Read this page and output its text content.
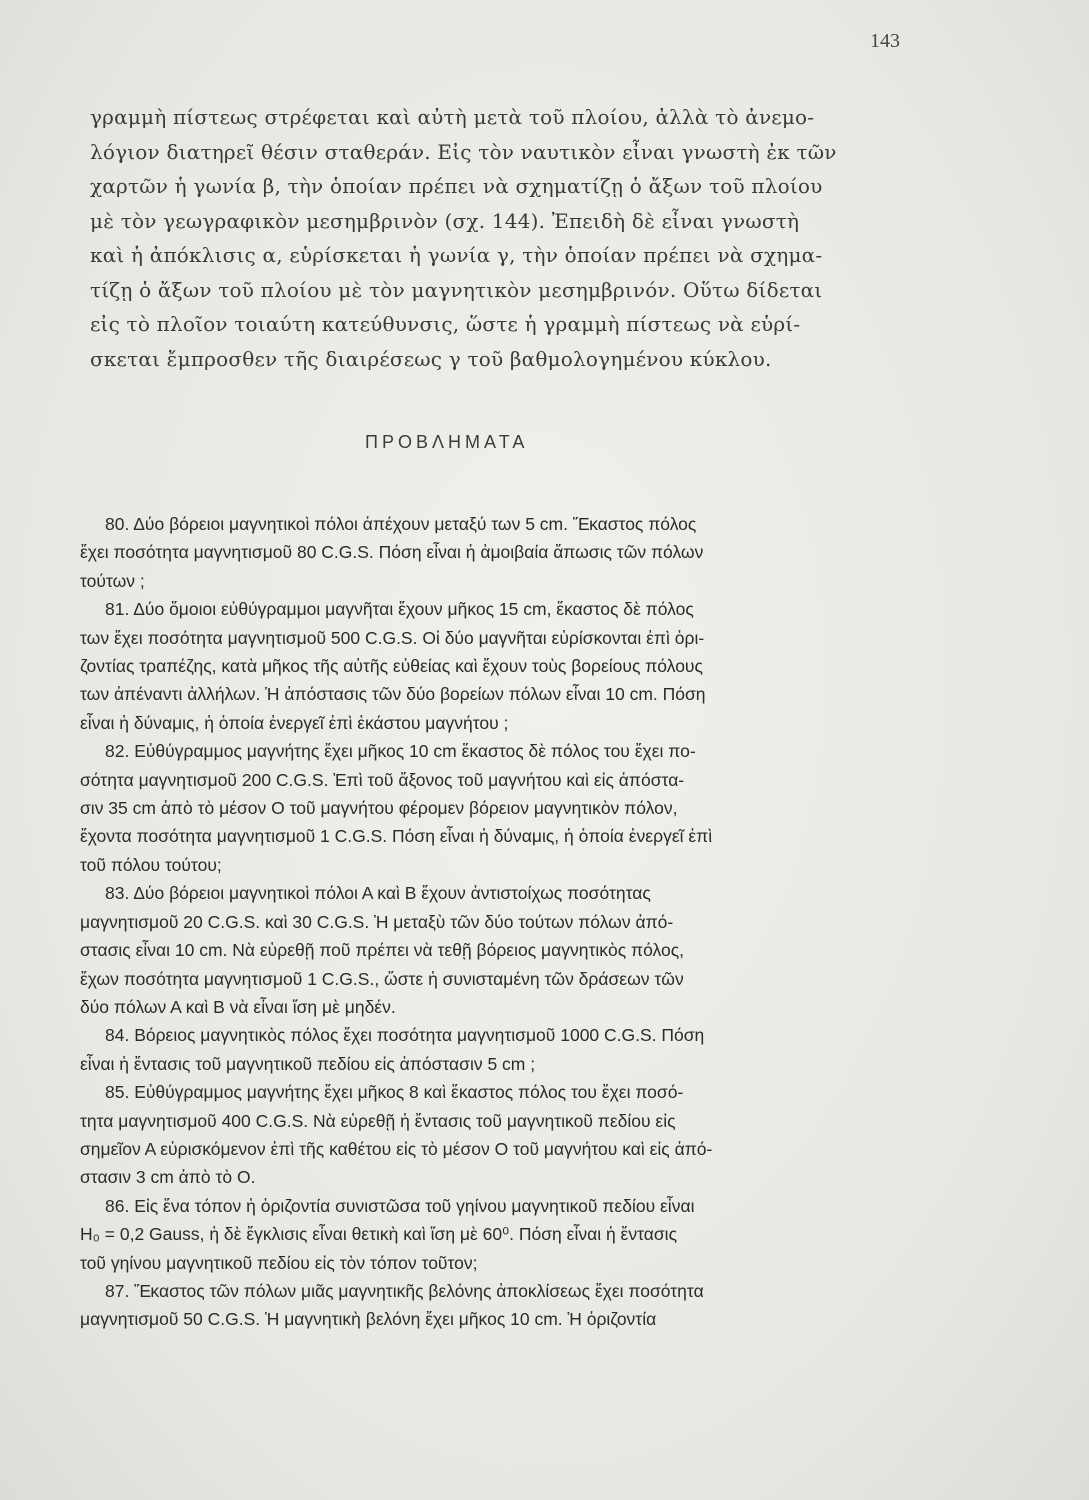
143
γραμμὴ πίστεως στρέφεται καὶ αὐτὴ μετὰ τοῦ πλοίου, ἀλλὰ τὸ ἀνεμο-
λόγιον διατηρεῖ θέσιν σταθεράν. Εἰς τὸν ναυτικὸν εἶναι γνωστὴ ἐκ τῶν
χαρτῶν ἡ γωνία β, τὴν ὁποίαν πρέπει νὰ σχηματίζῃ ὁ ἄξων τοῦ πλοίου
μὲ τὸν γεωγραφικὸν μεσημβρινὸν (σχ. 144). Ἐπειδὴ δὲ εἶναι γνωστὴ
καὶ ἡ ἀπόκλισις α, εὑρίσκεται ἡ γωνία γ, τὴν ὁποίαν πρέπει νὰ σχημα-
τίζῃ ὁ ἄξων τοῦ πλοίου μὲ τὸν μαγνητικὸν μεσημβρινόν. Οὕτω δίδεται
εἰς τὸ πλοῖον τοιαύτη κατεύθυνσις, ὥστε ἡ γραμμὴ πίστεως νὰ εὑρί-
σκεται ἔμπροσθεν τῆς διαιρέσεως γ τοῦ βαθμολογημένου κύκλου.
ΠΡΟΒΛΗΜΑΤΑ
80. Δύο βόρειοι μαγνητικοὶ πόλοι ἀπέχουν μεταξύ των 5 cm. Ἕκαστος πόλος
ἔχει ποσότητα μαγνητισμοῦ 80 C.G.S. Πόση εἶναι ἡ ἀμοιβαία ἄπωσις τῶν πόλων
τούτων ;
81. Δύο ὅμοιοι εὐθύγραμμοι μαγνῆται ἔχουν μῆκος 15 cm, ἕκαστος δὲ πόλος
των ἔχει ποσότητα μαγνητισμοῦ 500 C.G.S. Οἱ δύο μαγνῆται εὑρίσκονται ἐπὶ ὁρι-
ζοντίας τραπέζης, κατὰ μῆκος τῆς αὐτῆς εὐθείας καὶ ἔχουν τοὺς βορείους πόλους
των ἀπέναντι ἀλλήλων. Ἡ ἀπόστασις τῶν δύο βορείων πόλων εἶναι 10 cm. Πόση
εἶναι ἡ δύναμις, ἡ ὁποία ἐνεργεῖ ἐπὶ ἑκάστου μαγνήτου ;
82. Εὐθύγραμμος μαγνήτης ἔχει μῆκος 10 cm ἕκαστος δὲ πόλος του ἔχει πο-
σότητα μαγνητισμοῦ 200 C.G.S. Ἐπὶ τοῦ ἄξονος τοῦ μαγνήτου καὶ εἰς ἀπόστα-
σιν 35 cm ἀπὸ τὸ μέσον Ο τοῦ μαγνήτου φέρομεν βόρειον μαγνητικὸν πόλον,
ἔχοντα ποσότητα μαγνητισμοῦ 1 C.G.S. Πόση εἶναι ἡ δύναμις, ἡ ὁποία ἐνεργεῖ ἐπὶ
τοῦ πόλου τούτου;
83. Δύο βόρειοι μαγνητικοὶ πόλοι Α καὶ Β ἔχουν ἀντιστοίχως ποσότητας
μαγνητισμοῦ 20 C.G.S. καὶ 30 C.G.S. Ἡ μεταξὺ τῶν δύο τούτων πόλων ἀπό-
στασις εἶναι 10 cm. Νὰ εὑρεθῇ ποῦ πρέπει νὰ τεθῇ βόρειος μαγνητικὸς πόλος,
ἔχων ποσότητα μαγνητισμοῦ 1 C.G.S., ὥστε ἡ συνισταμένη τῶν δράσεων τῶν
δύο πόλων Α καὶ Β νὰ εἶναι ἴση μὲ μηδέν.
84. Βόρειος μαγνητικὸς πόλος ἔχει ποσότητα μαγνητισμοῦ 1000 C.G.S. Πόση
εἶναι ἡ ἔντασις τοῦ μαγνητικοῦ πεδίου εἰς ἀπόστασιν 5 cm ;
85. Εὐθύγραμμος μαγνήτης ἔχει μῆκος 8 καὶ ἕκαστος πόλος του ἔχει ποσό-
τητα μαγνητισμοῦ 400 C.G.S. Νὰ εὑρεθῇ ἡ ἔντασις τοῦ μαγνητικοῦ πεδίου εἰς
σημεῖον Α εὑρισκόμενον ἐπὶ τῆς καθέτου εἰς τὸ μέσον Ο τοῦ μαγνήτου καὶ εἰς ἀπό-
στασιν 3 cm ἀπὸ τὸ Ο.
86. Εἰς ἕνα τόπον ἡ ὁριζοντία συνιστῶσα τοῦ γηίνου μαγνητικοῦ πεδίου εἶναι
H₀ = 0,2 Gauss, ἡ δὲ ἔγκλισις εἶναι θετικὴ καὶ ἴση μὲ 60⁰. Πόση εἶναι ἡ ἔντασις
τοῦ γηίνου μαγνητικοῦ πεδίου εἰς τὸν τόπον τοῦτον;
87. Ἕκαστος τῶν πόλων μιᾶς μαγνητικῆς βελόνης ἀποκλίσεως ἔχει ποσότητα
μαγνητισμοῦ 50 C.G.S. Ἡ μαγνητικὴ βελόνη ἔχει μῆκος 10 cm. Ἡ ὁριζοντία
